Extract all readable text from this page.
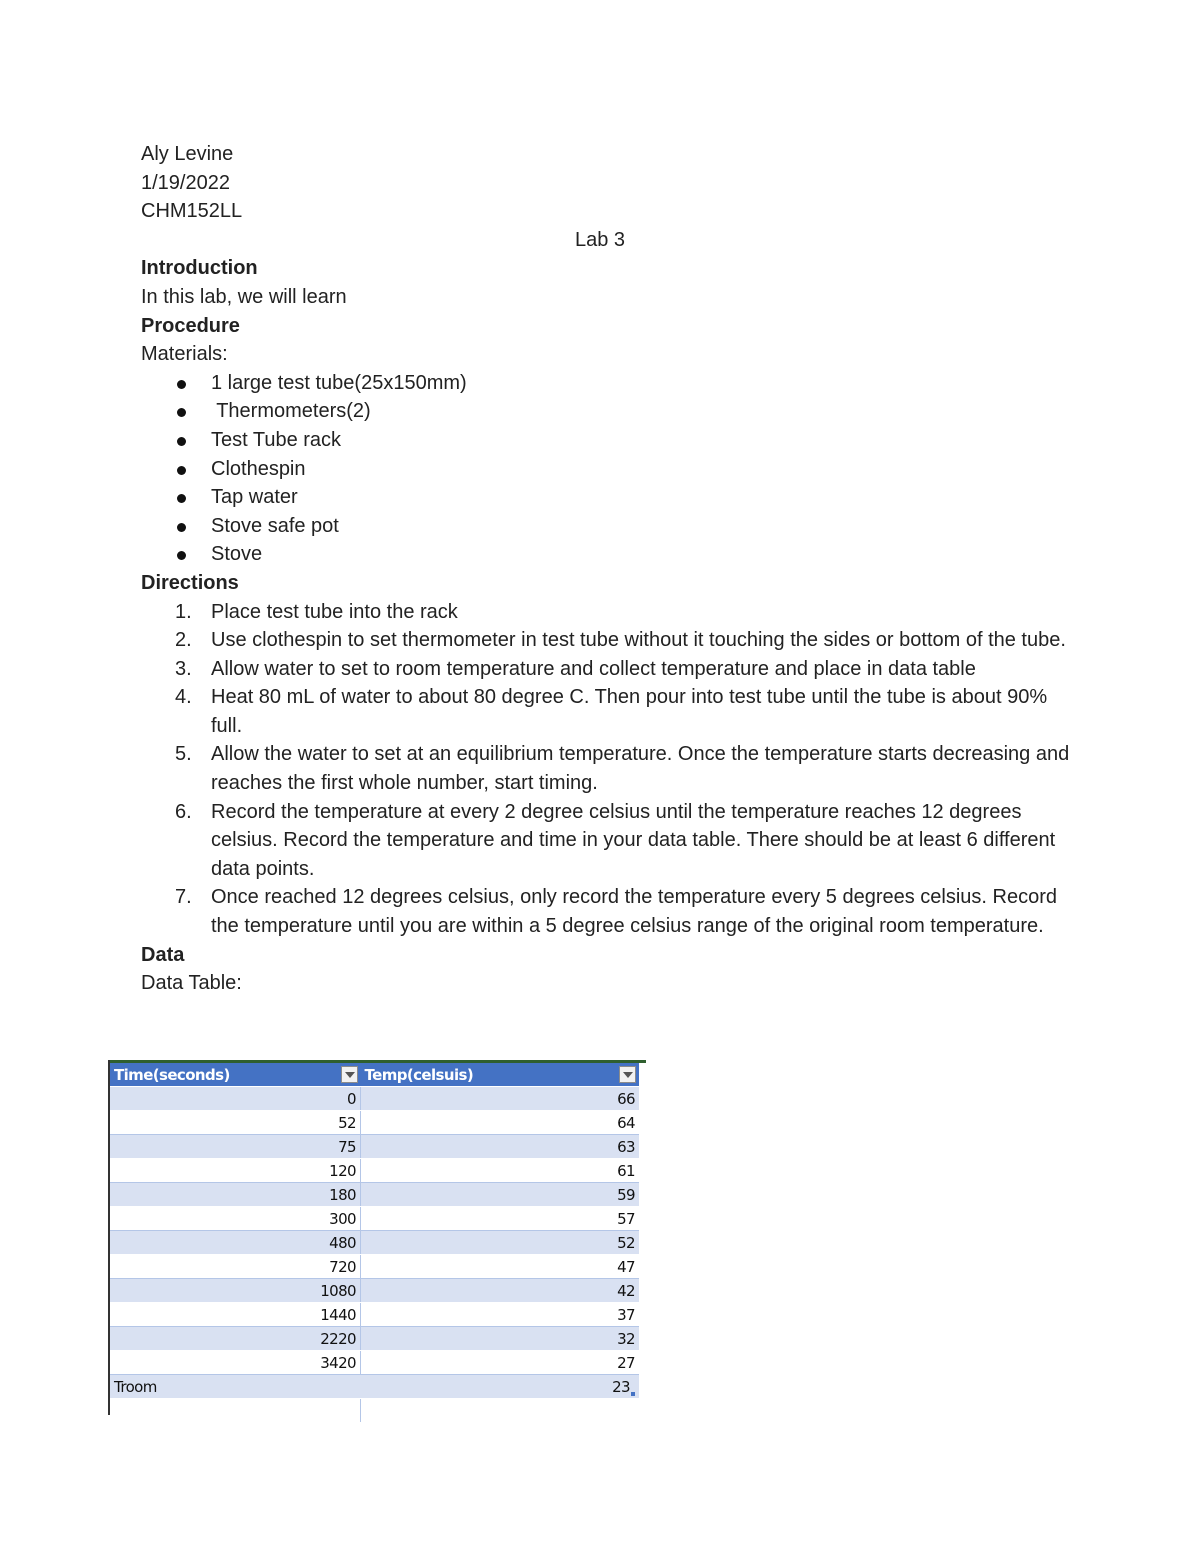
Aly Levine

1/19/2022

CHM152LL

Lab 3

Introduction

In this lab, we will learn

Procedure

Materials:

1 large test tube(25x150mm)
Thermometers(2)
Test Tube rack
Clothespin
Tap water
Stove safe pot
Stove

Directions

1. Place test tube into the rack
2. Use clothespin to set thermometer in test tube without it touching the sides or bottom of the tube.
3. Allow water to set to room temperature and collect temperature and place in data table
4. Heat 80 mL of water to about 80 degree C. Then pour into test tube until the tube is about 90% full.
5. Allow the water to set at an equilibrium temperature. Once the temperature starts decreasing and reaches the first whole number, start timing.
6. Record the temperature at every 2 degree celsius until the temperature reaches 12 degrees celsius. Record the temperature and time in your data table. There should be at least 6 different data points.
7. Once reached 12 degrees celsius, only record the temperature every 5 degrees celsius. Record the temperature until you are within a 5 degree celsius range of the original room temperature.

Data

Data Table:

Time(seconds)	Temp(celsuis)

0	66
52	64
75	63
120	61
180	59
300	57
480	52
720	47
1080	42
1440	37
2220	32
3420	27
Troom	23
